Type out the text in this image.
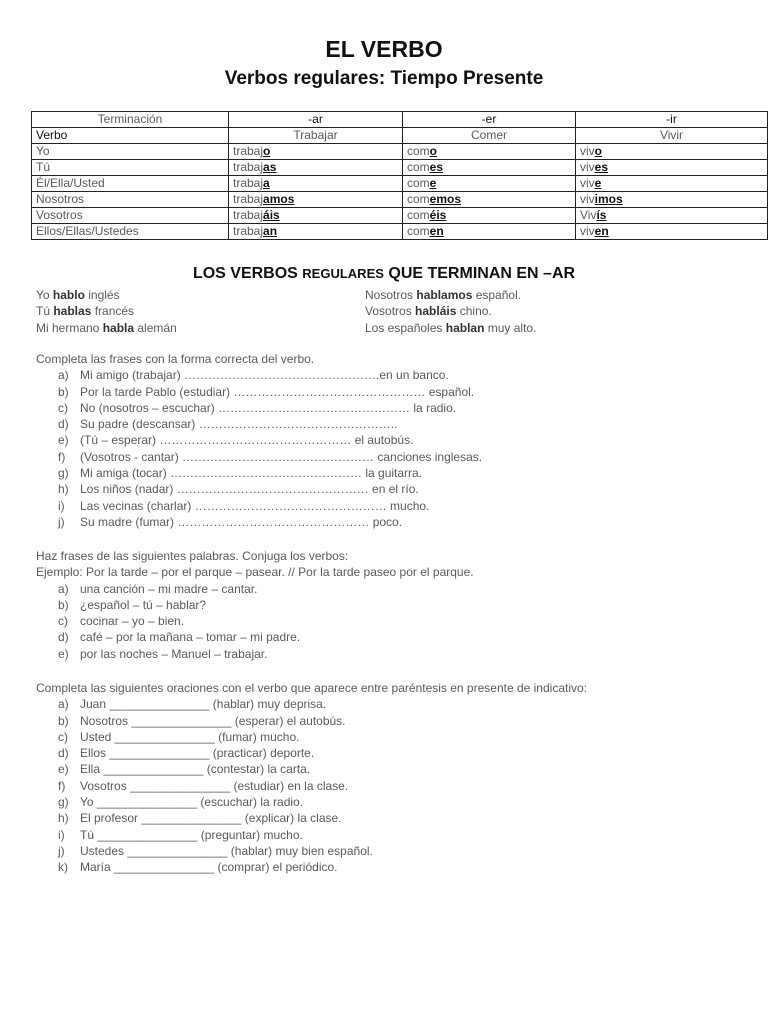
EL VERBO
Verbos regulares: Tiempo Presente
Terminación	-ar	-er	-ir
Verbo	Trabajar	Comer	Vivir
Yo	trabajo	como	vivo
Tú	trabajas	comes	vives
Él/Ella/Usted	trabaja	come	vive
Nosotros	trabajamos	comemos	vivimos
Vosotros	trabajáis	coméis	Vivís
Ellos/Ellas/Ustedes	trabajan	comen	viven
LOS VERBOS REGULARES QUE TERMINAN EN –AR
Yo hablo inglés
Tú hablas francés
Mi hermano habla alemán
Nosotros hablamos español.
Vosotros habláis chino.
Los españoles hablan muy alto.
Completa las frases con la forma correcta del verbo.
a) Mi amigo (trabajar) ………………………………………….en un banco.
b) Por la tarde Pablo (estudiar) ………………………………………… español.
c) No (nosotros – escuchar) ………………………………………… la radio.
d) Su padre (descansar) …………………………………………..
e) (Tú – esperar) ………………………………………… el autobús.
f) (Vosotros - cantar) ………………………………………… canciones inglesas.
g) Mi amiga (tocar) ………………………………………… la guitarra.
h) Los niños (nadar) ………………………………………… en el río.
i) Las vecinas (charlar) ………………………………………… mucho.
j) Su madre (fumar) ………………………………………… poco.
Haz frases de las siguientes palabras. Conjuga los verbos:
Ejemplo: Por la tarde – por el parque – pasear. // Por la tarde paseo por el parque.
a) una canción – mi madre – cantar.
b) ¿español – tú – hablar?
c) cocinar – yo – bien.
d) café – por la mañana – tomar – mi padre.
e) por las noches – Manuel – trabajar.
Completa las siguientes oraciones con el verbo que aparece entre paréntesis en presente de indicativo:
a) Juan _______________ (hablar) muy deprisa.
b) Nosotros _______________ (esperar) el autobús.
c) Usted _______________ (fumar) mucho.
d) Ellos _______________ (practicar) deporte.
e) Ella _______________ (contestar) la carta.
f) Vosotros _______________ (estudiar) en la clase.
g) Yo _______________ (escuchar) la radio.
h) El profesor _______________ (explicar) la clase.
i) Tú _______________ (preguntar) mucho.
j) Ustedes _______________ (hablar) muy bien español.
k) María _______________ (comprar) el periódico.
